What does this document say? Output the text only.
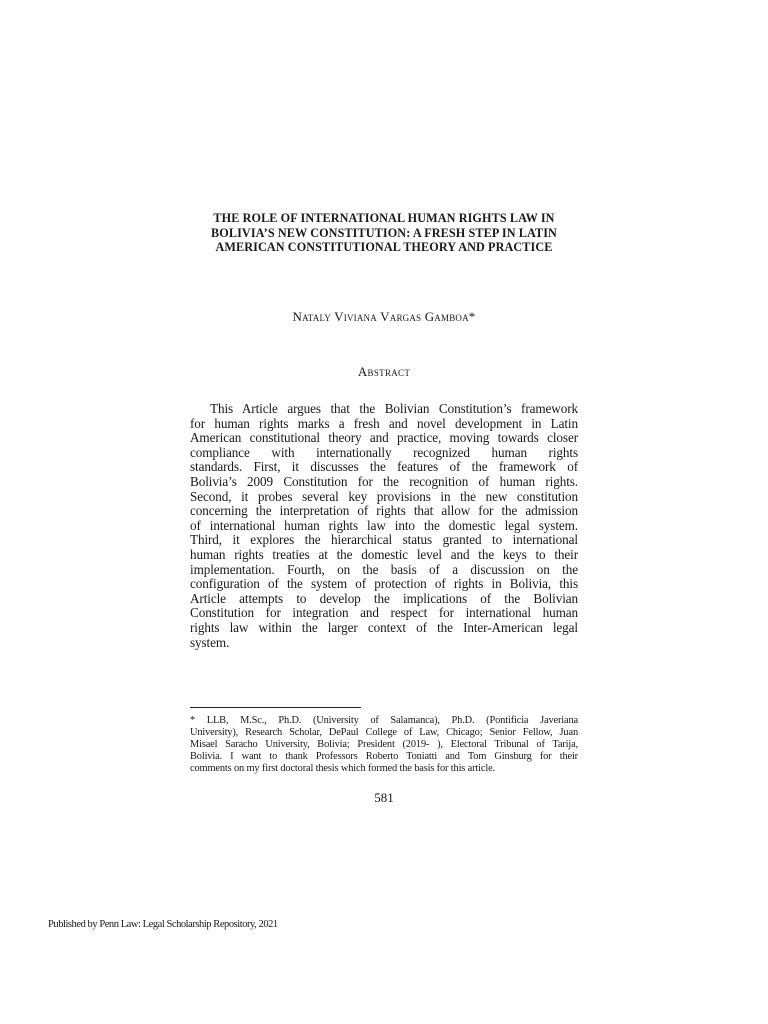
THE ROLE OF INTERNATIONAL HUMAN RIGHTS LAW IN
BOLIVIA’S NEW CONSTITUTION: A FRESH STEP IN LATIN
AMERICAN CONSTITUTIONAL THEORY AND PRACTICE
Nataly Viviana Vargas Gamboa*
Abstract
This Article argues that the Bolivian Constitution’s framework
for human rights marks a fresh and novel development in Latin
American constitutional theory and practice, moving towards closer
compliance with internationally recognized human rights
standards. First, it discusses the features of the framework of
Bolivia’s 2009 Constitution for the recognition of human rights.
Second, it probes several key provisions in the new constitution
concerning the interpretation of rights that allow for the admission
of international human rights law into the domestic legal system.
Third, it explores the hierarchical status granted to international
human rights treaties at the domestic level and the keys to their
implementation. Fourth, on the basis of a discussion on the
configuration of the system of protection of rights in Bolivia, this
Article attempts to develop the implications of the Bolivian
Constitution for integration and respect for international human
rights law within the larger context of the Inter-American legal
system.
* LLB, M.Sc., Ph.D. (University of Salamanca), Ph.D. (Pontificia Javeriana
University), Research Scholar, DePaul College of Law, Chicago; Senior Fellow, Juan
Misael Saracho University, Bolivia; President (2019- ), Electoral Tribunal of Tarija,
Bolivia. I want to thank Professors Roberto Toniatti and Tom Ginsburg for their
comments on my first doctoral thesis which formed the basis for this article.
581
Published by Penn Law: Legal Scholarship Repository, 2021
